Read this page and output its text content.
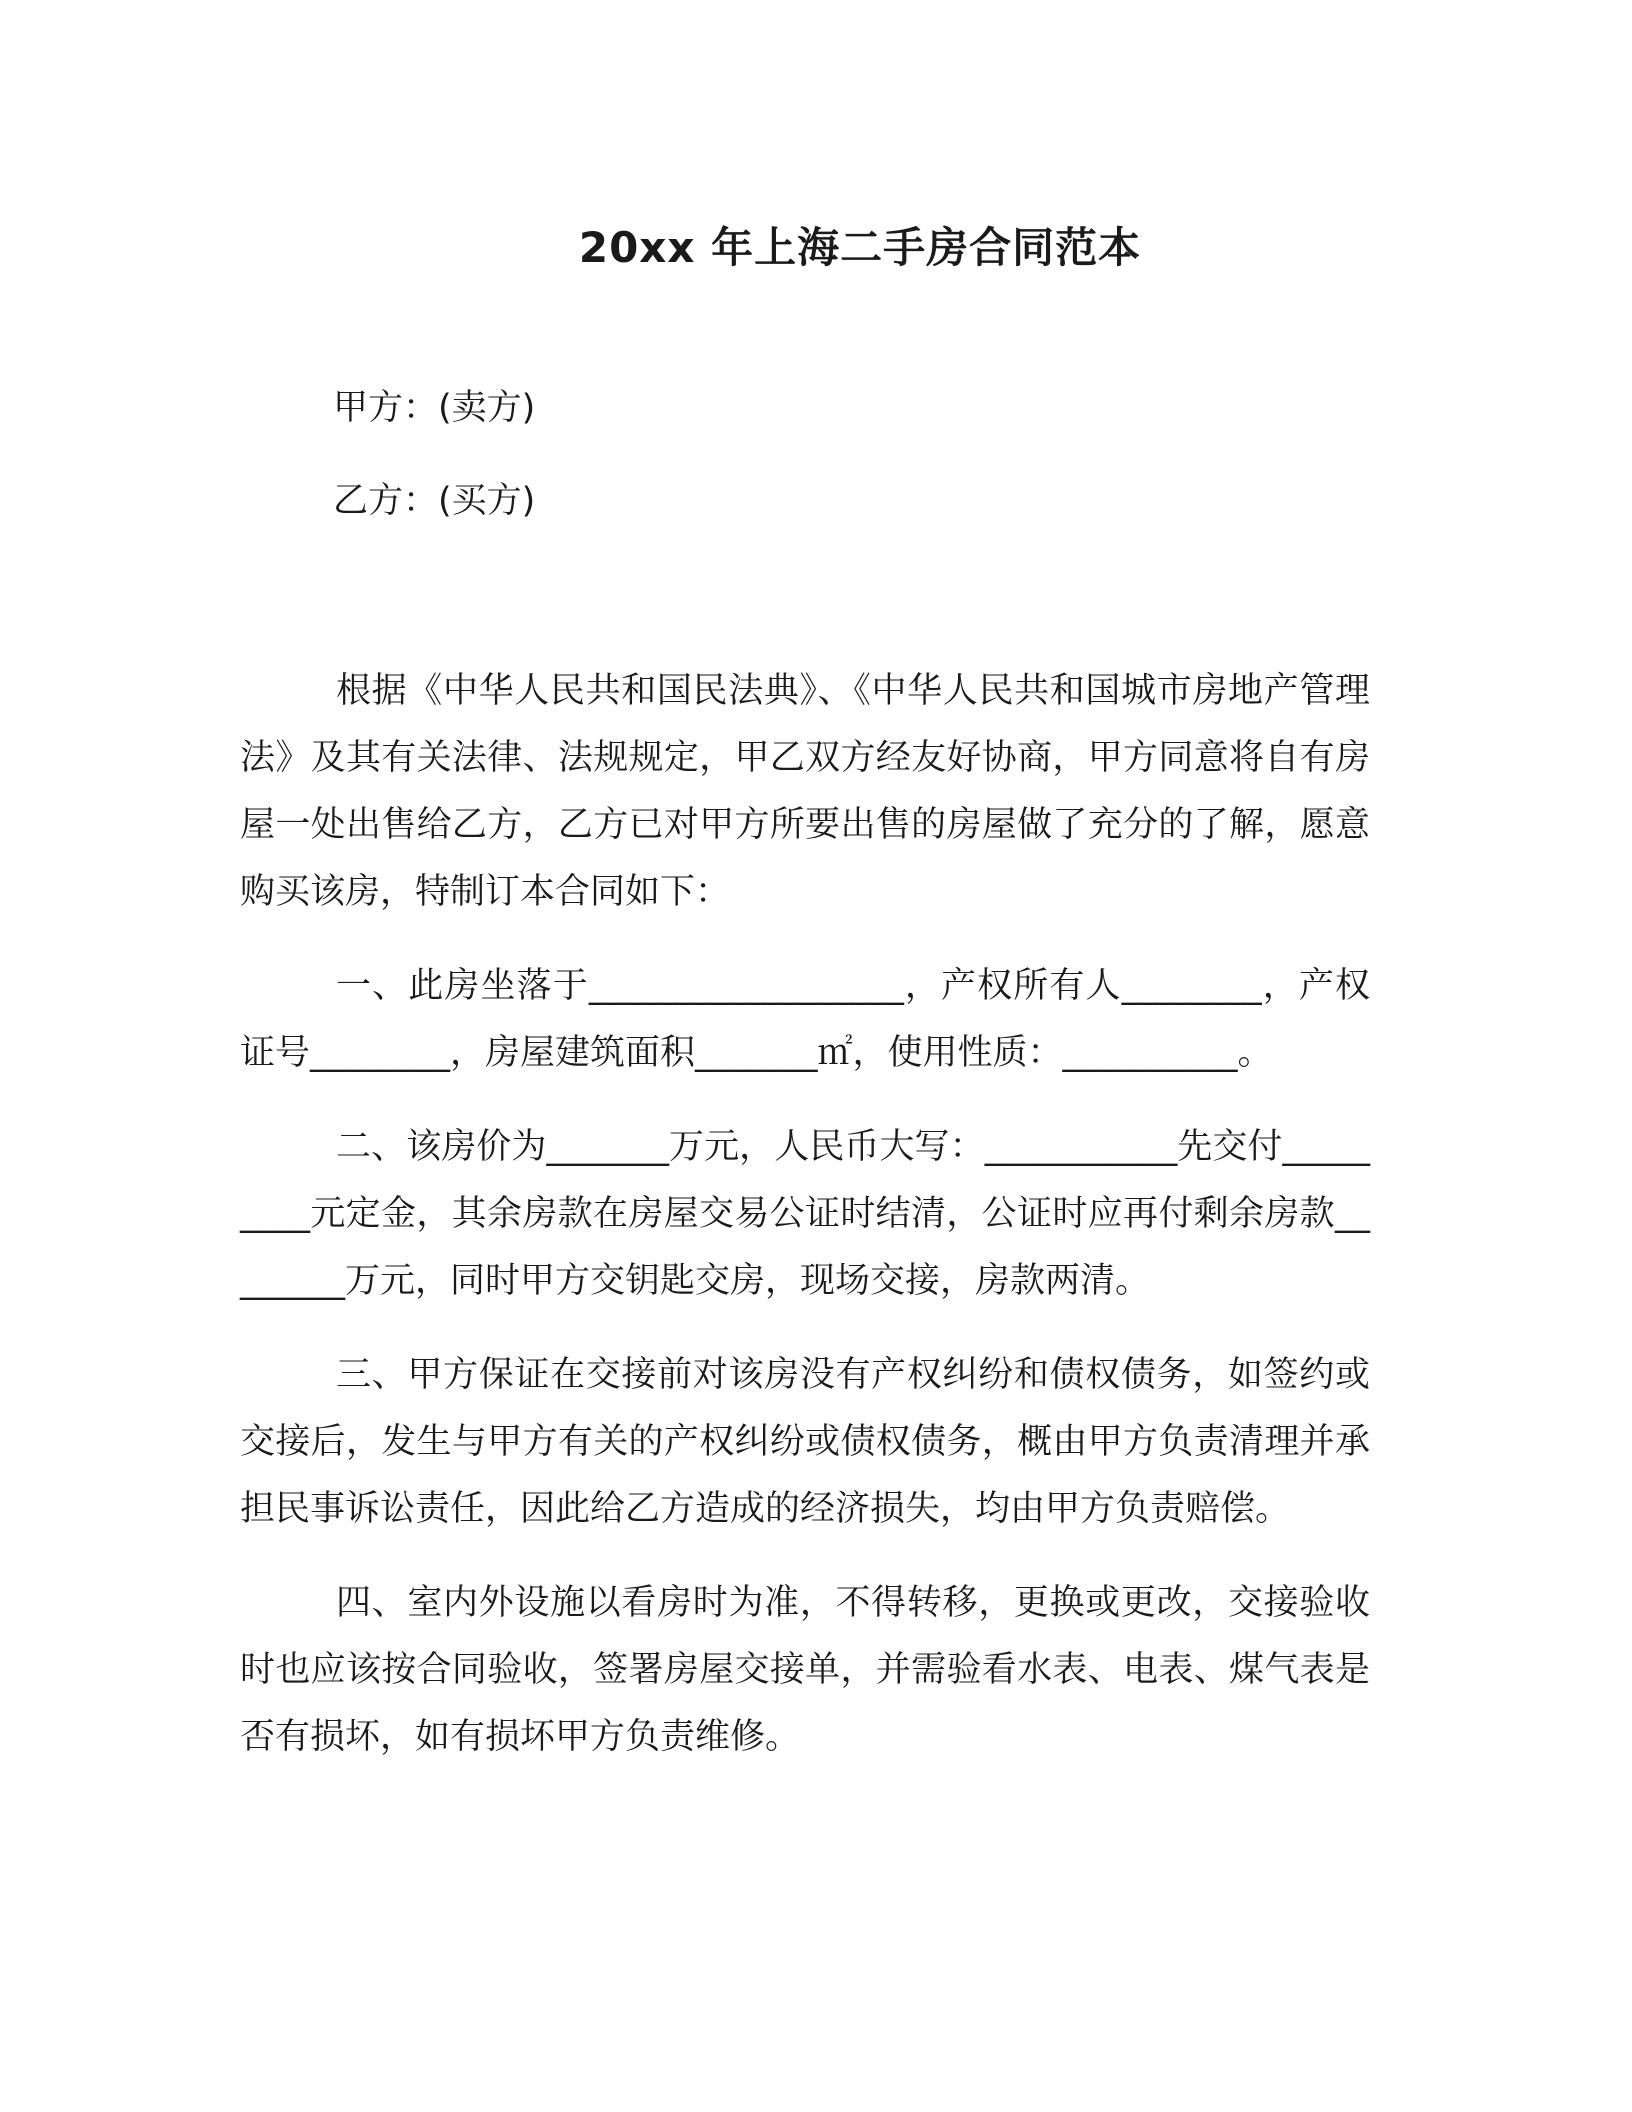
20xx 年上海二手房合同范本
甲方：(卖方)
乙方：(买方)

根据《中华人民共和国民法典》、《中华人民共和国城市房地产管理法》及其有关法律、法规规定，甲乙双方经友好协商，甲方同意将自有房屋一处出售给乙方，乙方已对甲方所要出售的房屋做了充分的了解，愿意购买该房，特制订本合同如下：

一、此房坐落于__________________，产权所有人________，产权证号________，房屋建筑面积_______㎡，使用性质：__________。

二、该房价为_______万元，人民币大写：___________先交付_________元定金，其余房款在房屋交易公证时结清，公证时应再付剩余房款________万元，同时甲方交钥匙交房，现场交接，房款两清。

三、甲方保证在交接前对该房没有产权纠纷和债权债务，如签约或交接后，发生与甲方有关的产权纠纷或债权债务，概由甲方负责清理并承担民事诉讼责任，因此给乙方造成的经济损失，均由甲方负责赔偿。

四、室内外设施以看房时为准，不得转移，更换或更改，交接验收时也应该按合同验收，签署房屋交接单，并需验看水表、电表、煤气表是否有损坏，如有损坏甲方负责维修。
